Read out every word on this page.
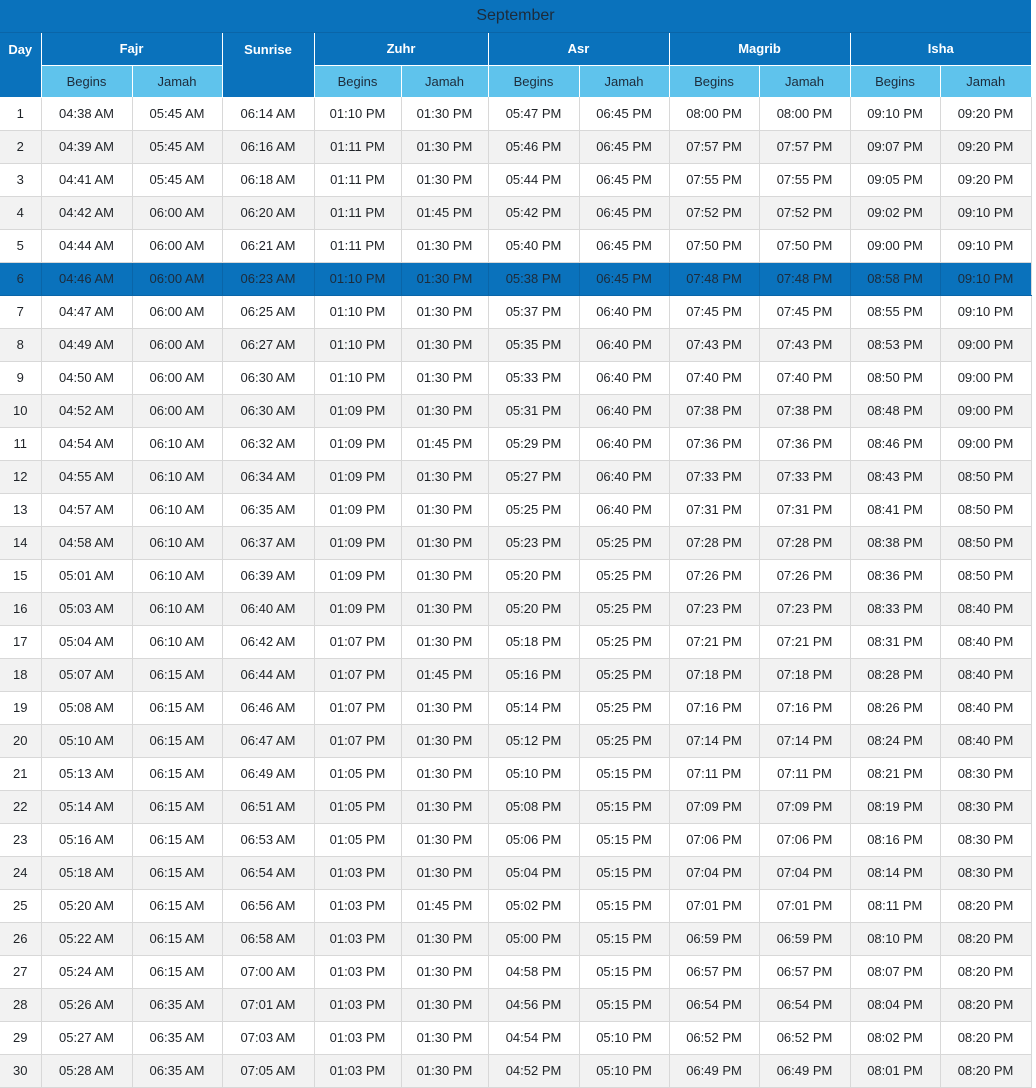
September
Day	Fajr		Sunrise	Zuhr		Asr		Magrib		Isha	
	Begins	Jamah		Begins	Jamah	Begins	Jamah	Begins	Jamah	Begins	Jamah
1	04:38 AM	05:45 AM	06:14 AM	01:10 PM	01:30 PM	05:47 PM	06:45 PM	08:00 PM	08:00 PM	09:10 PM	09:20 PM
2	04:39 AM	05:45 AM	06:16 AM	01:11 PM	01:30 PM	05:46 PM	06:45 PM	07:57 PM	07:57 PM	09:07 PM	09:20 PM
3	04:41 AM	05:45 AM	06:18 AM	01:11 PM	01:30 PM	05:44 PM	06:45 PM	07:55 PM	07:55 PM	09:05 PM	09:20 PM
4	04:42 AM	06:00 AM	06:20 AM	01:11 PM	01:45 PM	05:42 PM	06:45 PM	07:52 PM	07:52 PM	09:02 PM	09:10 PM
5	04:44 AM	06:00 AM	06:21 AM	01:11 PM	01:30 PM	05:40 PM	06:45 PM	07:50 PM	07:50 PM	09:00 PM	09:10 PM
6	04:46 AM	06:00 AM	06:23 AM	01:10 PM	01:30 PM	05:38 PM	06:45 PM	07:48 PM	07:48 PM	08:58 PM	09:10 PM
7	04:47 AM	06:00 AM	06:25 AM	01:10 PM	01:30 PM	05:37 PM	06:40 PM	07:45 PM	07:45 PM	08:55 PM	09:10 PM
8	04:49 AM	06:00 AM	06:27 AM	01:10 PM	01:30 PM	05:35 PM	06:40 PM	07:43 PM	07:43 PM	08:53 PM	09:00 PM
9	04:50 AM	06:00 AM	06:30 AM	01:10 PM	01:30 PM	05:33 PM	06:40 PM	07:40 PM	07:40 PM	08:50 PM	09:00 PM
10	04:52 AM	06:00 AM	06:30 AM	01:09 PM	01:30 PM	05:31 PM	06:40 PM	07:38 PM	07:38 PM	08:48 PM	09:00 PM
11	04:54 AM	06:10 AM	06:32 AM	01:09 PM	01:45 PM	05:29 PM	06:40 PM	07:36 PM	07:36 PM	08:46 PM	09:00 PM
12	04:55 AM	06:10 AM	06:34 AM	01:09 PM	01:30 PM	05:27 PM	06:40 PM	07:33 PM	07:33 PM	08:43 PM	08:50 PM
13	04:57 AM	06:10 AM	06:35 AM	01:09 PM	01:30 PM	05:25 PM	06:40 PM	07:31 PM	07:31 PM	08:41 PM	08:50 PM
14	04:58 AM	06:10 AM	06:37 AM	01:09 PM	01:30 PM	05:23 PM	05:25 PM	07:28 PM	07:28 PM	08:38 PM	08:50 PM
15	05:01 AM	06:10 AM	06:39 AM	01:09 PM	01:30 PM	05:20 PM	05:25 PM	07:26 PM	07:26 PM	08:36 PM	08:50 PM
16	05:03 AM	06:10 AM	06:40 AM	01:09 PM	01:30 PM	05:20 PM	05:25 PM	07:23 PM	07:23 PM	08:33 PM	08:40 PM
17	05:04 AM	06:10 AM	06:42 AM	01:07 PM	01:30 PM	05:18 PM	05:25 PM	07:21 PM	07:21 PM	08:31 PM	08:40 PM
18	05:07 AM	06:15 AM	06:44 AM	01:07 PM	01:45 PM	05:16 PM	05:25 PM	07:18 PM	07:18 PM	08:28 PM	08:40 PM
19	05:08 AM	06:15 AM	06:46 AM	01:07 PM	01:30 PM	05:14 PM	05:25 PM	07:16 PM	07:16 PM	08:26 PM	08:40 PM
20	05:10 AM	06:15 AM	06:47 AM	01:07 PM	01:30 PM	05:12 PM	05:25 PM	07:14 PM	07:14 PM	08:24 PM	08:40 PM
21	05:13 AM	06:15 AM	06:49 AM	01:05 PM	01:30 PM	05:10 PM	05:15 PM	07:11 PM	07:11 PM	08:21 PM	08:30 PM
22	05:14 AM	06:15 AM	06:51 AM	01:05 PM	01:30 PM	05:08 PM	05:15 PM	07:09 PM	07:09 PM	08:19 PM	08:30 PM
23	05:16 AM	06:15 AM	06:53 AM	01:05 PM	01:30 PM	05:06 PM	05:15 PM	07:06 PM	07:06 PM	08:16 PM	08:30 PM
24	05:18 AM	06:15 AM	06:54 AM	01:03 PM	01:30 PM	05:04 PM	05:15 PM	07:04 PM	07:04 PM	08:14 PM	08:30 PM
25	05:20 AM	06:15 AM	06:56 AM	01:03 PM	01:45 PM	05:02 PM	05:15 PM	07:01 PM	07:01 PM	08:11 PM	08:20 PM
26	05:22 AM	06:15 AM	06:58 AM	01:03 PM	01:30 PM	05:00 PM	05:15 PM	06:59 PM	06:59 PM	08:10 PM	08:20 PM
27	05:24 AM	06:15 AM	07:00 AM	01:03 PM	01:30 PM	04:58 PM	05:15 PM	06:57 PM	06:57 PM	08:07 PM	08:20 PM
28	05:26 AM	06:35 AM	07:01 AM	01:03 PM	01:30 PM	04:56 PM	05:15 PM	06:54 PM	06:54 PM	08:04 PM	08:20 PM
29	05:27 AM	06:35 AM	07:03 AM	01:03 PM	01:30 PM	04:54 PM	05:10 PM	06:52 PM	06:52 PM	08:02 PM	08:20 PM
30	05:28 AM	06:35 AM	07:05 AM	01:03 PM	01:30 PM	04:52 PM	05:10 PM	06:49 PM	06:49 PM	08:01 PM	08:20 PM
